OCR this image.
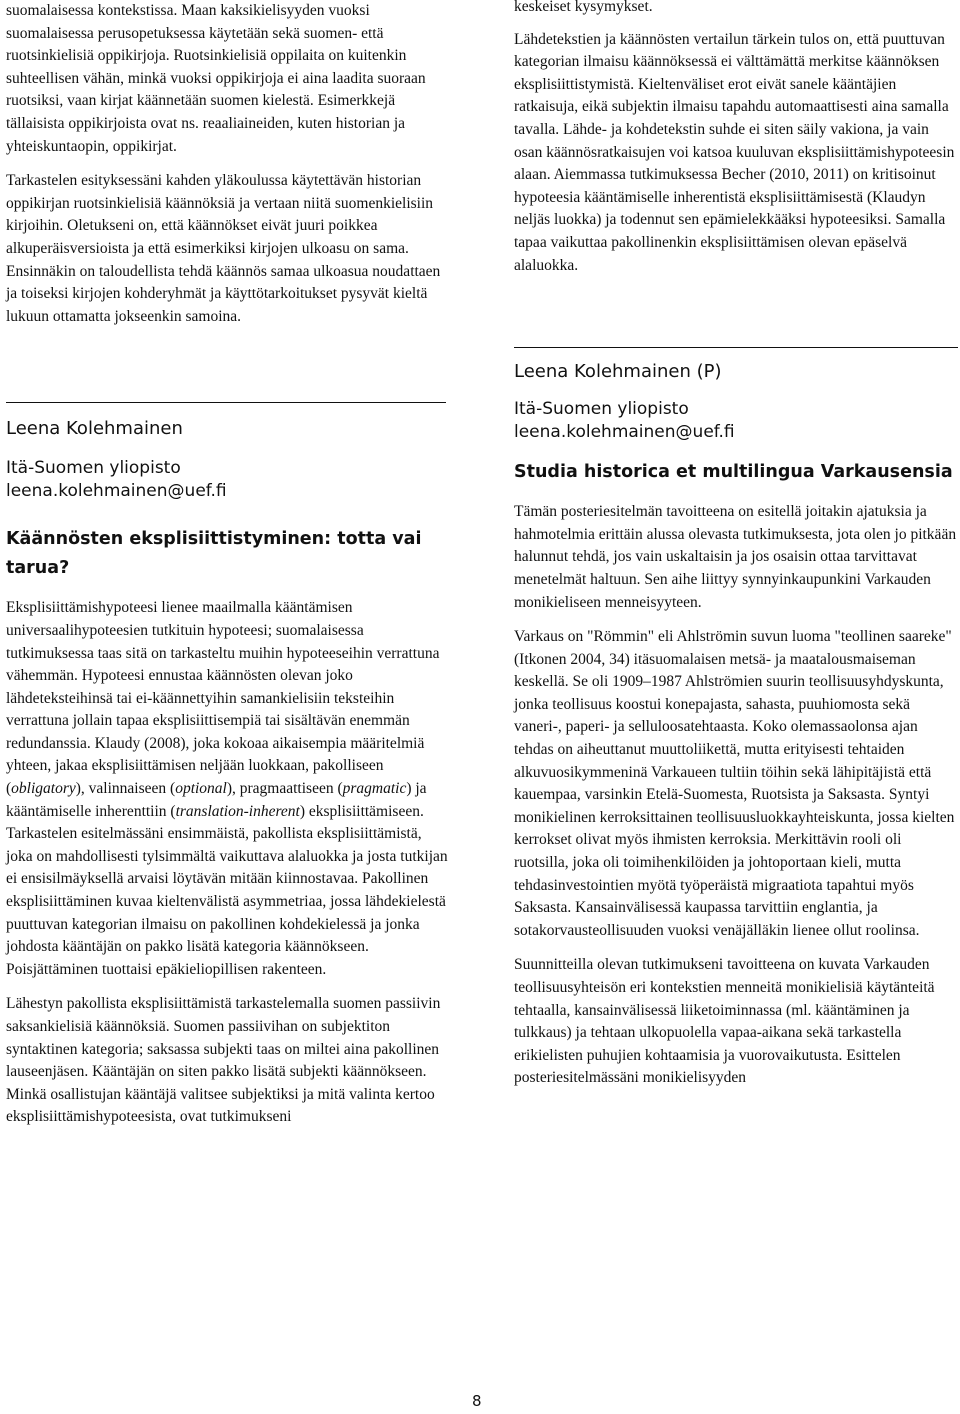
suomalaisessa kontekstissa. Maan kaksikielisyyden vuoksi suomalaisessa perusopetuksessa käytetään sekä suomen- että ruotsinkielisiä oppikirjoja. Ruotsinkielisiä oppilaita on kuitenkin suhteellisen vähän, minkä vuoksi oppikirjoja ei aina laadita suoraan ruotsiksi, vaan kirjat käännetään suomen kielestä. Esimerkkejä tällaisista oppikirjoista ovat ns. reaaliaineiden, kuten historian ja yhteiskuntaopin, oppikirjat.

Tarkastelen esityksessäni kahden yläkoulussa käytettävän historian oppikirjan ruotsinkielisiä käännöksiä ja vertaan niitä suomenkielisiin kirjoihin. Oletukseni on, että käännökset eivät juuri poikkea alkuperäisversioista ja että esimerkiksi kirjojen ulkoasu on sama. Ensinnäkin on taloudellista tehdä käännös samaa ulkoasua noudattaen ja toiseksi kirjojen kohderyhmät ja käyttötarkoitukset pysyvät kieltä lukuun ottamatta jokseenkin samoina.

Leena Kolehmainen
Itä-Suomen yliopisto
leena.kolehmainen@uef.fi
Käännösten eksplisiittistyminen: totta vai tarua?

Eksplisiittämishypoteesi lienee maailmalla kääntämisen universaalihypoteesien tutkituin hypoteesi; suomalaisessa tutkimuksessa taas sitä on tarkasteltu muihin hypoteeseihin verrattuna vähemmän. Hypoteesi ennustaa käännösten olevan joko lähdeteksteihinsä tai ei-käännettyihin samankielisiin teksteihin verrattuna jollain tapaa eksplisiittisempiä tai sisältävän enemmän redundanssia. Klaudy (2008), joka kokoaa aikaisempia määritelmiä yhteen, jakaa eksplisiittämisen neljään luokkaan, pakolliseen (obligatory), valinnaiseen (optional), pragmaattiseen (pragmatic) ja kääntämiselle inherenttiin (translation-inherent) eksplisiittämiseen. Tarkastelen esitelmässäni ensimmäistä, pakollista eksplisiittämistä, joka on mahdollisesti tylsimmältä vaikuttava alaluokka ja josta tutkijan ei ensisilmäyksellä arvaisi löytävän mitään kiinnostavaa. Pakollinen eksplisiittäminen kuvaa kieltenvälistä asymmetriaa, jossa lähdekielestä puuttuvan kategorian ilmaisu on pakollinen kohdekielessä ja jonka johdosta kääntäjän on pakko lisätä kategoria käännökseen. Poisjättäminen tuottaisi epäkieliopillisen rakenteen.

Lähestyn pakollista eksplisiittämistä tarkastelemalla suomen passiivin saksankielisiä käännöksiä. Suomen passiivihan on subjektiton syntaktinen kategoria; saksassa subjekti taas on miltei aina pakollinen lauseenjäsen. Kääntäjän on siten pakko lisätä subjekti käännökseen. Minkä osallistujan kääntäjä valitsee subjektiksi ja mitä valinta kertoo eksplisiittämishypoteesista, ovat tutkimukseni

keskeiset kysymykset.

Lähdetekstien ja käännösten vertailun tärkein tulos on, että puuttuvan kategorian ilmaisu käännöksessä ei välttämättä merkitse käännöksen eksplisiittistymistä. Kieltenväliset erot eivät sanele kääntäjien ratkaisuja, eikä subjektin ilmaisu tapahdu automaattisesti aina samalla tavalla. Lähde- ja kohdetekstin suhde ei siten säily vakiona, ja vain osan käännösratkaisujen voi katsoa kuuluvan eksplisiittämishypoteesin alaan. Aiemmassa tutkimuksessa Becher (2010, 2011) on kritisoinut hypoteesia kääntämiselle inherentistä eksplisiittämisestä (Klaudyn neljäs luokka) ja todennut sen epämielekkääksi hypoteesiksi. Samalla tapaa vaikuttaa pakollinenkin eksplisiittämisen olevan epäselvä alaluokka.

Leena Kolehmainen (P)
Itä-Suomen yliopisto
leena.kolehmainen@uef.fi
Studia historica et multilingua Varkausensia

Tämän posteriesitelmän tavoitteena on esitellä joitakin ajatuksia ja hahmotelmia erittäin alussa olevasta tutkimuksesta, jota olen jo pitkään halunnut tehdä, jos vain uskaltaisin ja jos osaisin ottaa tarvittavat menetelmät haltuun. Sen aihe liittyy synnyinkaupunkini Varkauden monikieliseen menneisyyteen.

Varkaus on "Römmin" eli Ahlströmin suvun luoma "teollinen saareke" (Itkonen 2004, 34) itäsuomalaisen metsä- ja maatalousmaiseman keskellä. Se oli 1909–1987 Ahlströmien suurin teollisuusyhdyskunta, jonka teollisuus koostui konepajasta, sahasta, puuhiomosta sekä vaneri-, paperi- ja selluloosatehtaasta. Koko olemassaolonsa ajan tehdas on aiheuttanut muuttoliikettä, mutta erityisesti tehtaiden alkuvuosikymmeninä Varkaueen tultiin töihin sekä lähipitäjistä että kauempaa, varsinkin Etelä-Suomesta, Ruotsista ja Saksasta. Syntyi monikielinen kerroksittainen teollisuusluokkayhteiskunta, jossa kielten kerrokset olivat myös ihmisten kerroksia. Merkittävin rooli oli ruotsilla, joka oli toimihenkilöiden ja johtoportaan kieli, mutta tehdasinvestointien myötä työperäistä migraatiota tapahtui myös Saksasta. Kansainvälisessä kaupassa tarvittiin englantia, ja sotakorvausteollisuuden vuoksi venäjälläkin lienee ollut roolinsa.

Suunnitteilla olevan tutkimukseni tavoitteena on kuvata Varkauden teollisuusyhteisön eri kontekstien menneitä monikielisiä käytänteitä tehtaalla, kansainvälisessä liiketoiminnassa (ml. kääntäminen ja tulkkaus) ja tehtaan ulkopuolella vapaa-aikana sekä tarkastella erikielisten puhujien kohtaamisia ja vuorovaikutusta. Esittelen posteriesitelmässäni monikielisyyden

8
